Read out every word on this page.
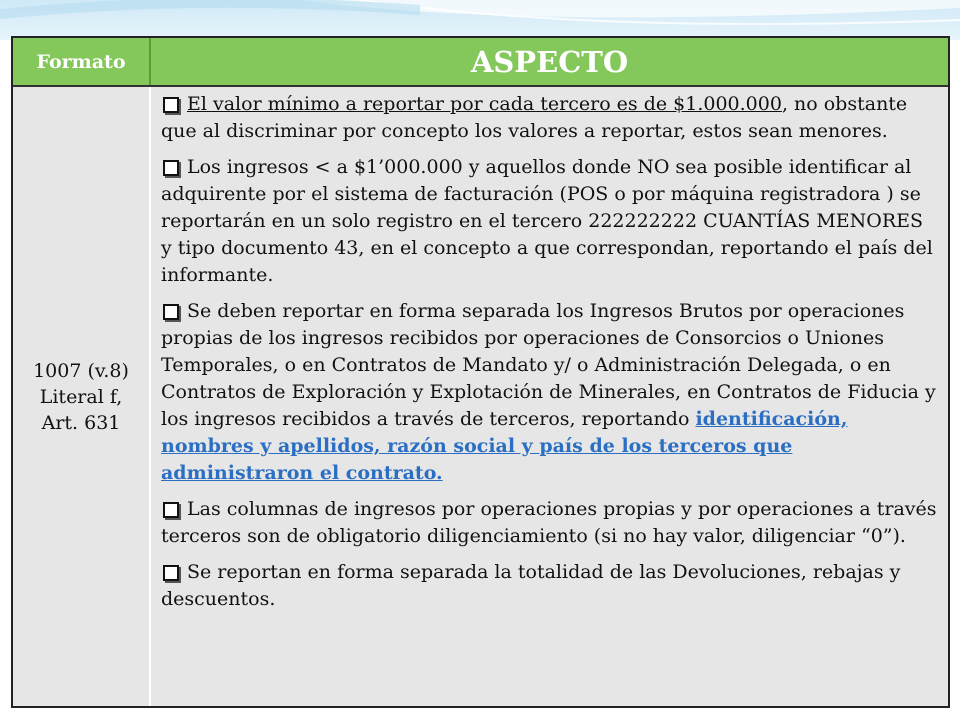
Formato	ASPECTO
1007 (v.8)
Literal f,
Art. 631

El valor mínimo a reportar por cada tercero es de $1.000.000, no obstante que al discriminar por concepto los valores a reportar, estos sean menores.

Los ingresos < a $1’000.000 y aquellos donde NO sea posible identificar al adquirente por el sistema de facturación (POS o por máquina registradora ) se reportarán en un solo registro en el tercero 222222222 CUANTÍAS MENORES y tipo documento 43, en el concepto a que correspondan, reportando el país del informante.

Se deben reportar en forma separada los Ingresos Brutos por operaciones propias de los ingresos recibidos por operaciones de Consorcios o Uniones Temporales, o en Contratos de Mandato y/ o Administración Delegada, o en Contratos de Exploración y Explotación de Minerales, en Contratos de Fiducia y los ingresos recibidos a través de terceros, reportando identificación, nombres y apellidos, razón social y país de los terceros que administraron el contrato.

Las columnas de ingresos por operaciones propias y por operaciones a través terceros son de obligatorio diligenciamiento (si no hay valor, diligenciar “0”).

Se reportan en forma separada la totalidad de las Devoluciones, rebajas y descuentos.
